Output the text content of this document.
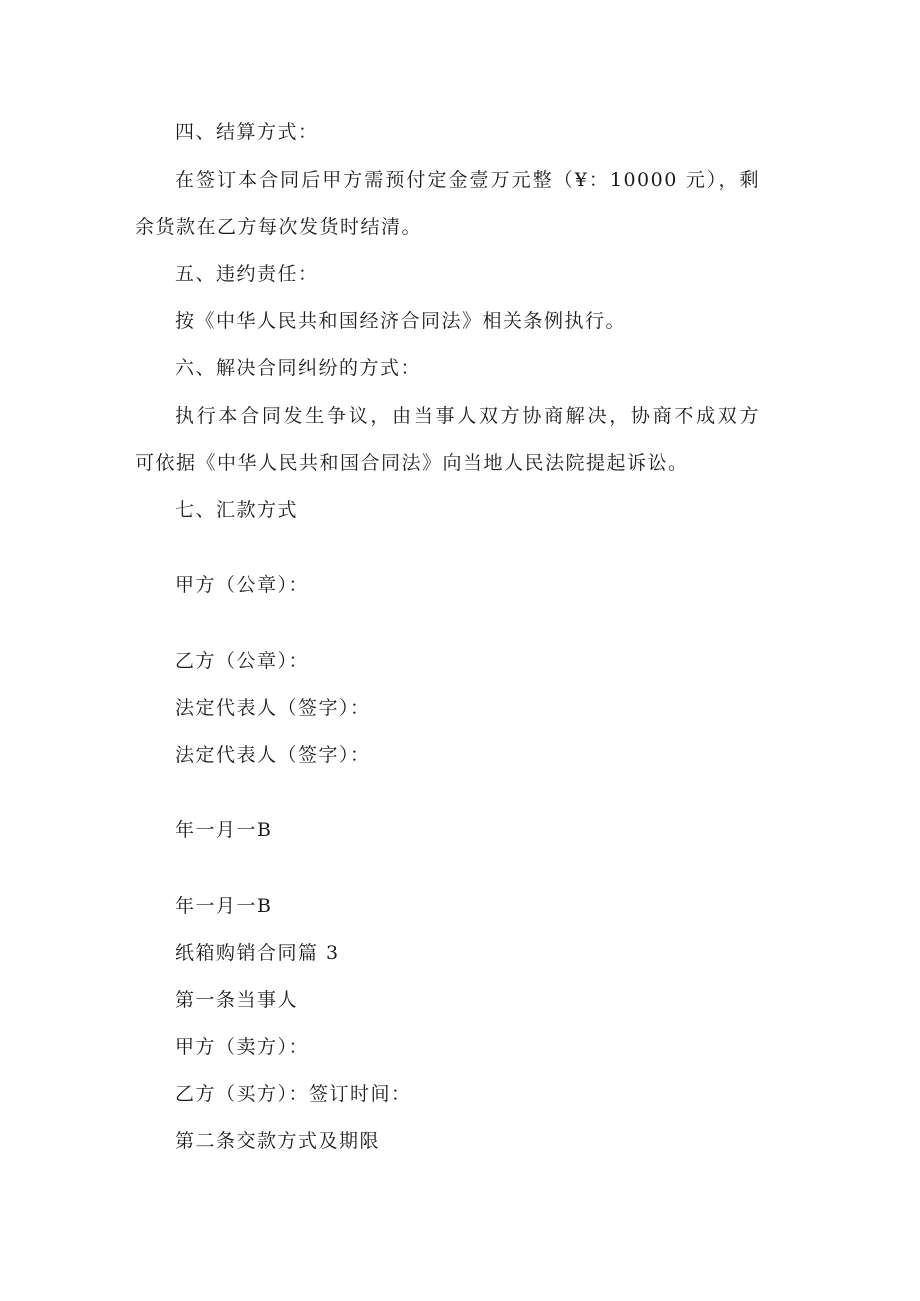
四、结算方式：
在签订本合同后甲方需预付定金壹万元整（¥：10000 元），剩
余货款在乙方每次发货时结清。
五、违约责任：
按《中华人民共和国经济合同法》相关条例执行。
六、解决合同纠纷的方式：
执行本合同发生争议，由当事人双方协商解决，协商不成双方
可依据《中华人民共和国合同法》向当地人民法院提起诉讼。
七、汇款方式
甲方（公章）：
乙方（公章）：
法定代表人（签字）：
法定代表人（签字）：
年一月一B
年一月一B
纸箱购销合同篇 3
第一条当事人
甲方（卖方）：
乙方（买方）：签订时间：
第二条交款方式及期限
